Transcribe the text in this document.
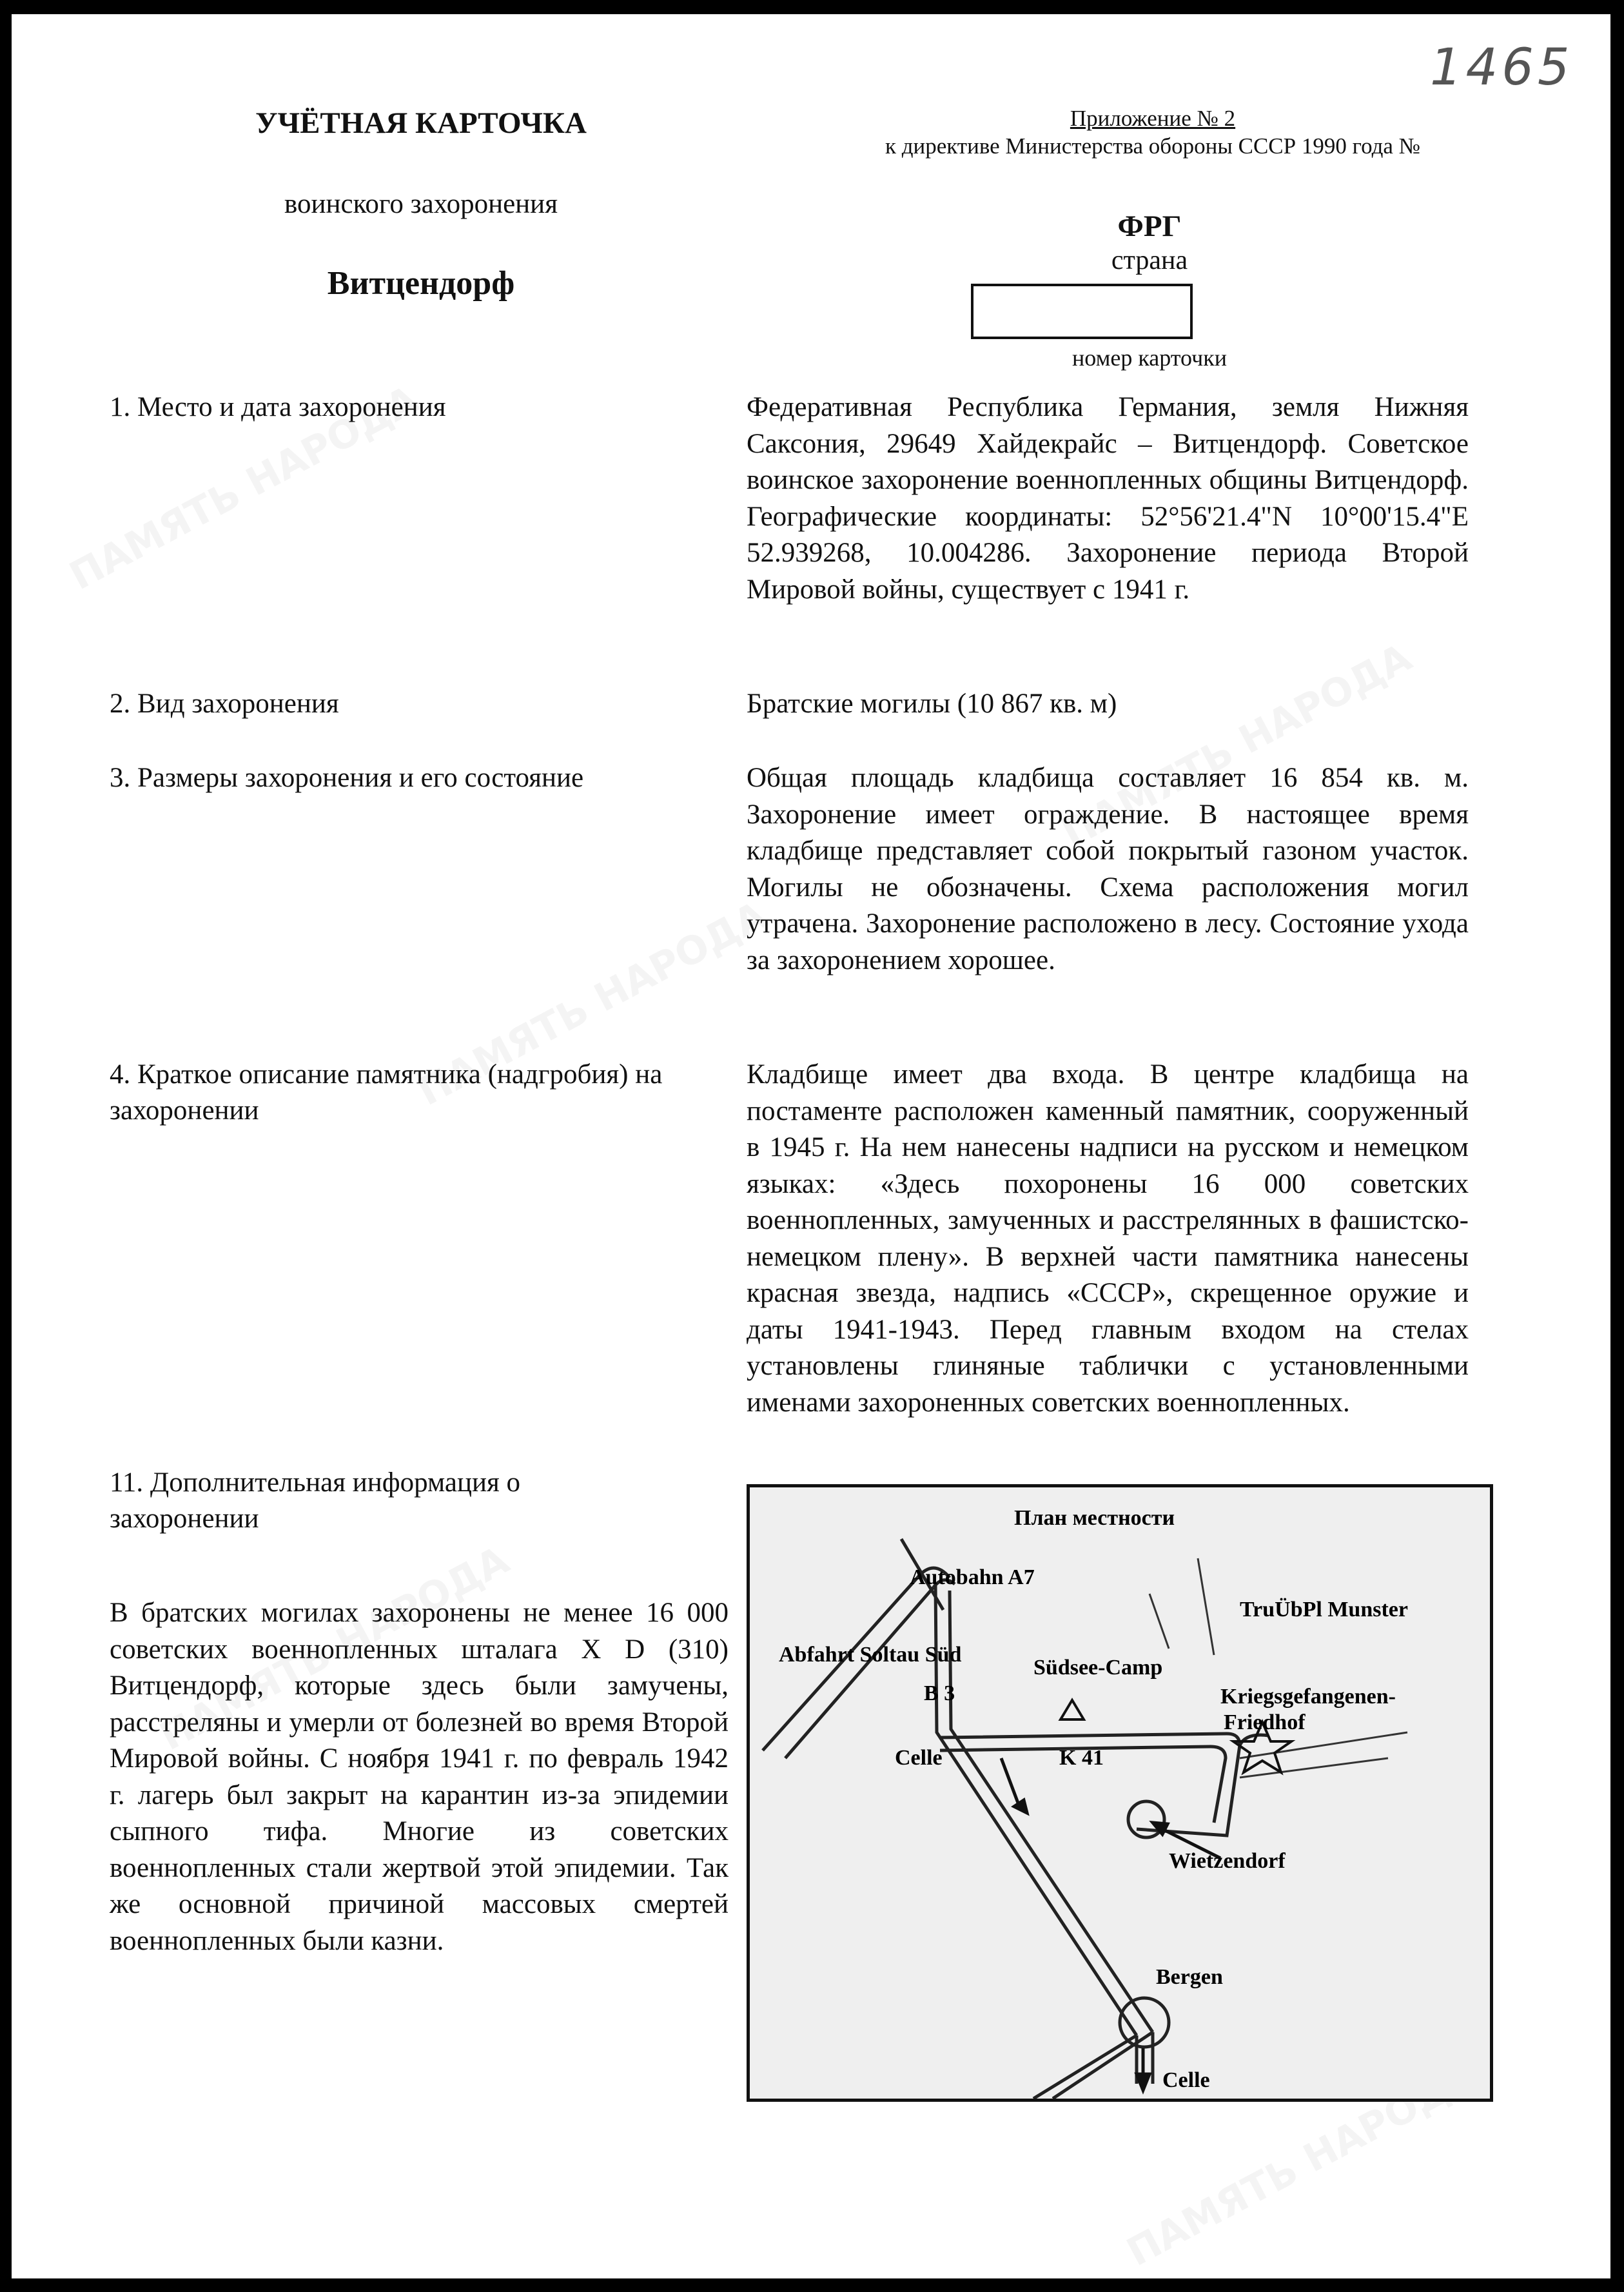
1465
УЧЁТНАЯ КАРТОЧКА
воинского захоронения
Витцендорф
Приложение № 2
к директиве Министерства обороны СССР 1990 года №
ФРГ
страна
номер карточки
1. Место и дата захоронения	Федеративная Республика Германия, земля Нижняя Саксония, 29649 Хайдекрайс – Витцендорф. Советское воинское захоронение военнопленных общины Витцендорф. Географические координаты: 52°56'21.4"N 10°00'15.4"E 52.939268, 10.004286. Захоронение периода Второй Мировой войны, существует с 1941 г.
2. Вид захоронения	Братские могилы (10 867 кв. м)
3. Размеры захоронения и его состояние	Общая площадь кладбища составляет 16 854 кв. м. Захоронение имеет ограждение. В настоящее время кладбище представляет собой покрытый газоном участок. Могилы не обозначены. Схема расположения могил утрачена. Захоронение расположено в лесу. Состояние ухода за захоронением хорошее.
4. Краткое описание памятника (надгробия) на захоронении
Кладбище имеет два входа. В центре кладбища на постаменте расположен каменный памятник, сооруженный в 1945 г. На нем нанесены надписи на русском и немецком языках: «Здесь похоронены 16 000 советских военнопленных, замученных и расстрелянных в фашистско-немецком плену». В верхней части памятника нанесены красная звезда, надпись «СССР», скрещенное оружие и даты 1941-1943. Перед главным входом на стелах установлены глиняные таблички с установленными именами захороненных советских военнопленных.
11. Дополнительная информация о захоронении
В братских могилах захоронены не менее 16 000 советских военнопленных шталага Х D (310) Витцендорф, которые здесь были замучены, расстреляны и умерли от болезней во время Второй Мировой войны. С ноября 1941 г. по февраль 1942 г. лагерь был закрыт на карантин из-за эпидемии сыпного тифа. Многие из советских военнопленных стали жертвой этой эпидемии. Так же основной причиной массовых смертей военнопленных были казни.
План местности
Autobahn A7
TruÜbPl Munster
Abfahrt Soltau Süd
Südsee-Camp
B 3	Kriegsgefangenen-
Friedhof
Celle	K 41
Wietzendorf
Bergen
Celle
